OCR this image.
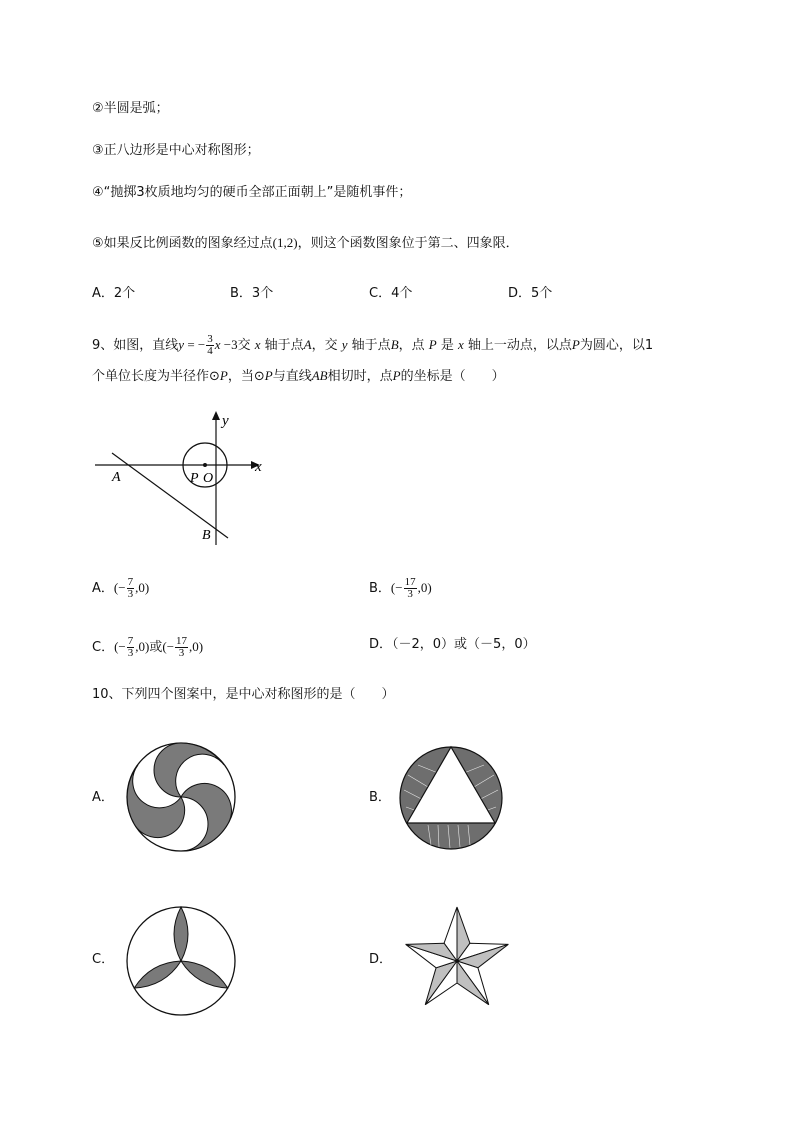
②半圆是弧；
③正八边形是中心对称图形；
④“抛掷3枚质地均匀的硬币全部正面朝上”是随机事件；
⑤如果反比例函数的图象经过点(1,2)，则这个函数图象位于第二、四象限．
A．2个	B．3个	C．4个	D．5个
9、如图，直线y = − $\frac{3}{4}$ x −3交 x 轴于点A，交 y 轴于点B，点 P 是 x 轴上一动点，以点P为圆心，以1
个单位长度为半径作⊙P，当⊙P与直线AB相切时，点P的坐标是（　　）
y
x
A	P O
B
A．(− $\frac{7}{3} ,0$)	B．(− $\frac{17}{3} ,0$)
C．(− $\frac{7}{3} ,0$)或(− $\frac{17}{3} ,0$)	D．（－2，0）或（－5，0）
10、下列四个图案中，是中心对称图形的是（　　）
A．	B．
C．	D．
